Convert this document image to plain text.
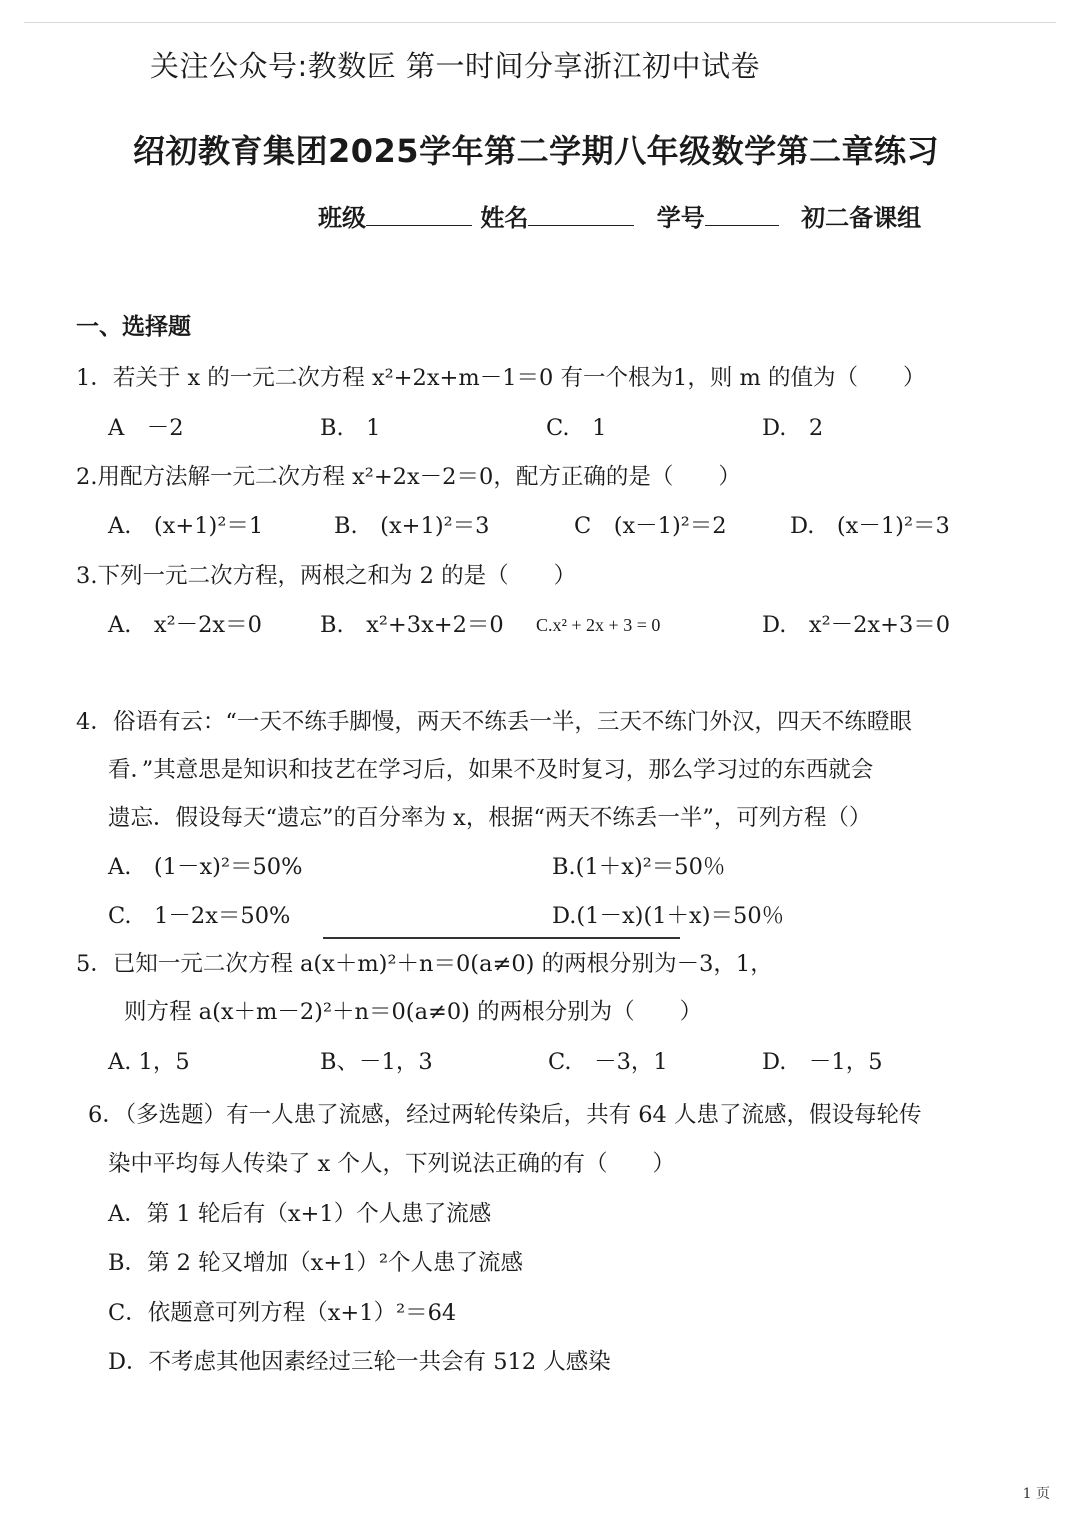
关注公众号:教数匠 第一时间分享浙江初中试卷
绍初教育集团2025学年第二学期八年级数学第二章练习
班级	姓名	学号	初二备课组
一、选择题
1．若关于 x 的一元二次方程 x²+2x+m－1＝0 有一个根为1，则 m 的值为（　　）
A　－2	B.　1	C.　1	D.　2
2.用配方法解一元二次方程 x²+2x－2＝0，配方正确的是（　　）
A.　(x+1)²＝1	B.　(x+1)²＝3	C　(x－1)²＝2	D.　(x－1)²＝3
3.下列一元二次方程，两根之和为 2 的是（　　）
A.　x²－2x＝0	B.　x²+3x+2＝0 C.x² + 2x + 3 = 0	D.　x²－2x+3＝0
4．俗语有云：“一天不练手脚慢，两天不练丢一半，三天不练门外汉，四天不练瞪眼
看．”其意思是知识和技艺在学习后，如果不及时复习，那么学习过的东西就会
遗忘．假设每天“遗忘”的百分率为 x，根据“两天不练丢一半”，可列方程（）
A.　(1－x)²＝50%	B.(1＋x)²＝50％
C.　1－2x＝50%	D.(1－x)(1＋x)＝50％
5．已知一元二次方程 a(x＋m)²＋n＝0(a≠0) 的两根分别为－3，1，
则方程 a(x＋m－2)²＋n＝0(a≠0) 的两根分别为（　　）
A. 1，5	B、－1，3	C.　－3，1	D.　－1，5
6．（多选题）有一人患了流感，经过两轮传染后，共有 64 人患了流感，假设每轮传
染中平均每人传染了 x 个人，下列说法正确的有（　　）
A．第 1 轮后有（x+1）个人患了流感
B．第 2 轮又增加（x+1）²个人患了流感
C．依题意可列方程（x+1）²＝64
D．不考虑其他因素经过三轮一共会有 512 人感染
1 页
